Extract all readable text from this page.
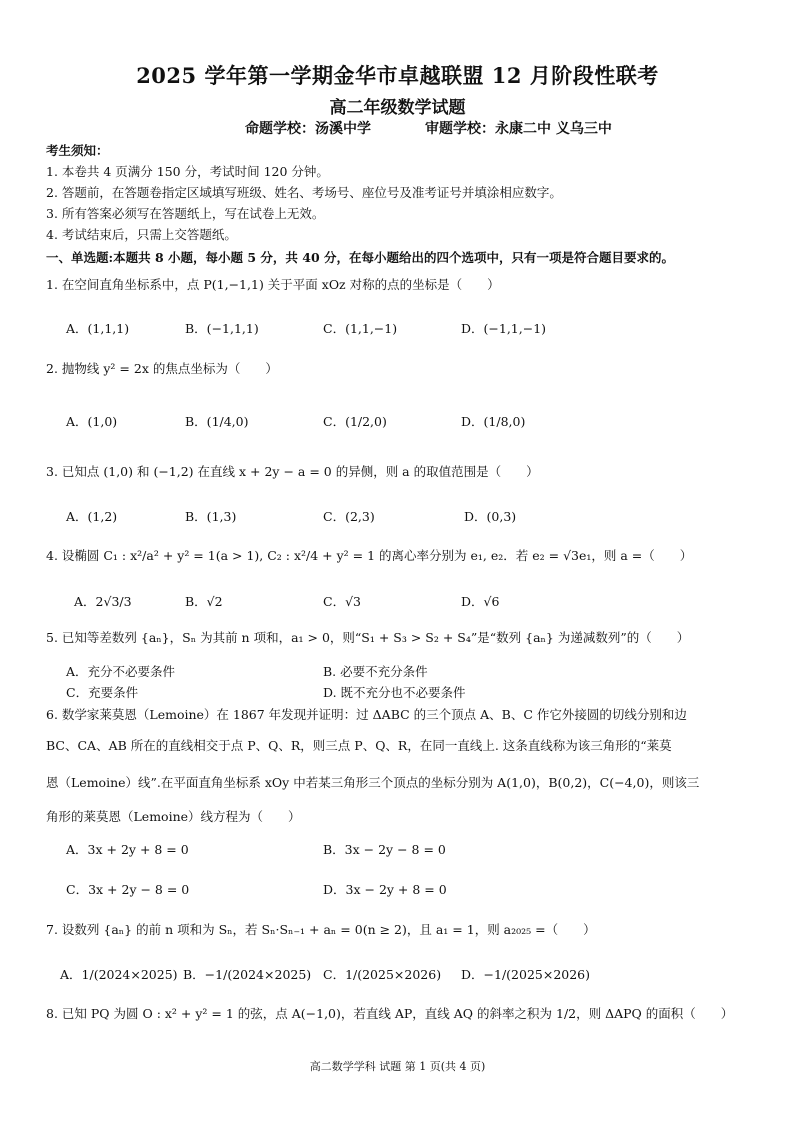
2025 学年第一学期金华市卓越联盟 12 月阶段性联考
高二年级数学试题
命题学校：汤溪中学	审题学校：永康二中 义乌三中
考生须知：
1. 本卷共 4 页满分 150 分，考试时间 120 分钟。
2. 答题前，在答题卷指定区域填写班级、姓名、考场号、座位号及准考证号并填涂相应数字。
3. 所有答案必须写在答题纸上，写在试卷上无效。
4. 考试结束后，只需上交答题纸。
一、单选题:本题共 8 小题，每小题 5 分，共 40 分，在每小题给出的四个选项中，只有一项是符合题目要求的。
1. 在空间直角坐标系中，点 P(1,−1,1) 关于平面 xOz 对称的点的坐标是（　　）
A．(1,1,1)	B．(−1,1,1)	C．(1,1,−1)	D．(−1,1,−1)
2. 抛物线 y² = 2x 的焦点坐标为（　　）
A．(1,0)	B．(1/4,0)	C．(1/2,0)	D．(1/8,0)
3. 已知点 (1,0) 和 (−1,2) 在直线 x + 2y − a = 0 的异侧，则 a 的取值范围是（　　）
A．(1,2)	B．(1,3)	C．(2,3)	D．(0,3)
4. 设椭圆 C₁ : x²/a² + y² = 1(a > 1), C₂ : x²/4 + y² = 1 的离心率分别为 e₁, e₂．若 e₂ = √3e₁，则 a =（　　）
A．2√3/3	B．√2	C．√3	D．√6
5. 已知等差数列 {aₙ}，Sₙ 为其前 n 项和，a₁ > 0，则“S₁ + S₃ > S₂ + S₄”是“数列 {aₙ} 为递减数列”的（　　）
A．充分不必要条件	B. 必要不充分条件
C．充要条件	D. 既不充分也不必要条件
6. 数学家莱莫恩（Lemoine）在 1867 年发现并证明：过 ΔABC 的三个顶点 A、B、C 作它外接圆的切线分别和边
BC、CA、AB 所在的直线相交于点 P、Q、R，则三点 P、Q、R，在同一直线上. 这条直线称为该三角形的“莱莫
恩（Lemoine）线”.在平面直角坐标系 xOy 中若某三角形三个顶点的坐标分别为 A(1,0)，B(0,2)，C(−4,0)，则该三
角形的莱莫恩（Lemoine）线方程为（　　）
A．3x + 2y + 8 = 0	B．3x − 2y − 8 = 0
C．3x + 2y − 8 = 0	D．3x − 2y + 8 = 0
7. 设数列 {aₙ} 的前 n 项和为 Sₙ，若 Sₙ·Sₙ₋₁ + aₙ = 0(n ≥ 2)，且 a₁ = 1，则 a₂₀₂₅ =（　　）
A．1/(2024×2025) B．−1/(2024×2025) C．1/(2025×2026) D．−1/(2025×2026)
8. 已知 PQ 为圆 O : x² + y² = 1 的弦，点 A(−1,0)，若直线 AP，直线 AQ 的斜率之积为 1/2，则 ΔAPQ 的面积（　　）
高二数学学科 试题 第 1 页(共 4 页)
